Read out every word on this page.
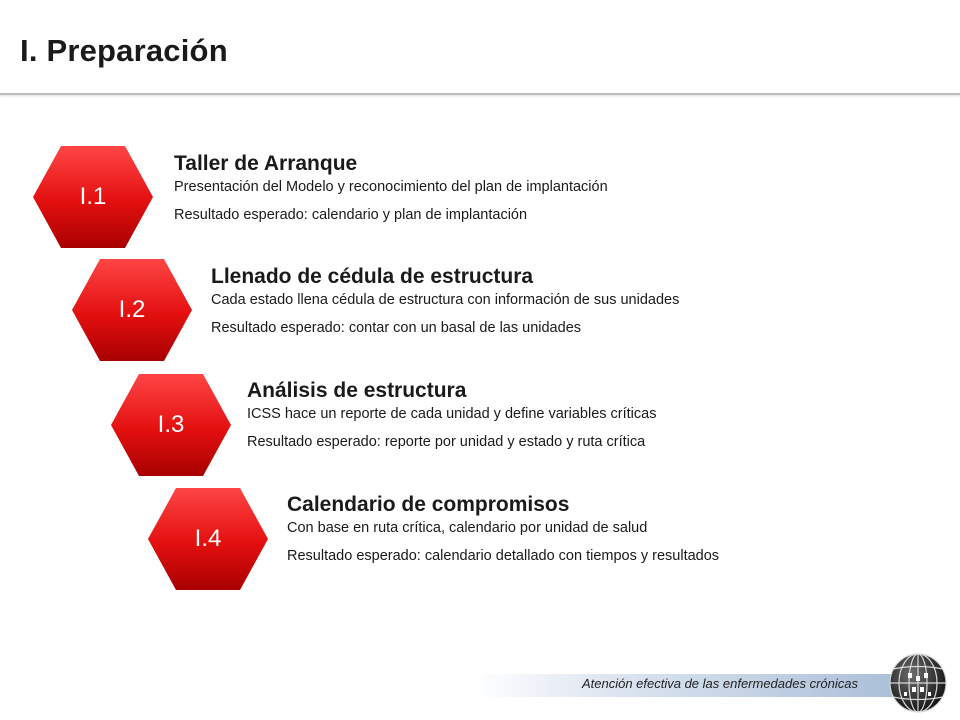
I. Preparación
I.1

Taller de Arranque

Presentación del Modelo y reconocimiento del plan de implantación

Resultado esperado: calendario y plan de implantación

I.2

Llenado de cédula de estructura

Cada estado llena cédula de estructura con información de sus unidades

Resultado esperado: contar con un basal de las unidades

I.3

Análisis de estructura

ICSS hace un reporte de cada unidad y define variables críticas

Resultado esperado: reporte por unidad y estado y ruta crítica

I.4

Calendario de compromisos

Con base en ruta crítica, calendario por unidad de salud

Resultado esperado: calendario detallado con tiempos y resultados

Atención efectiva de las enfermedades crónicas
